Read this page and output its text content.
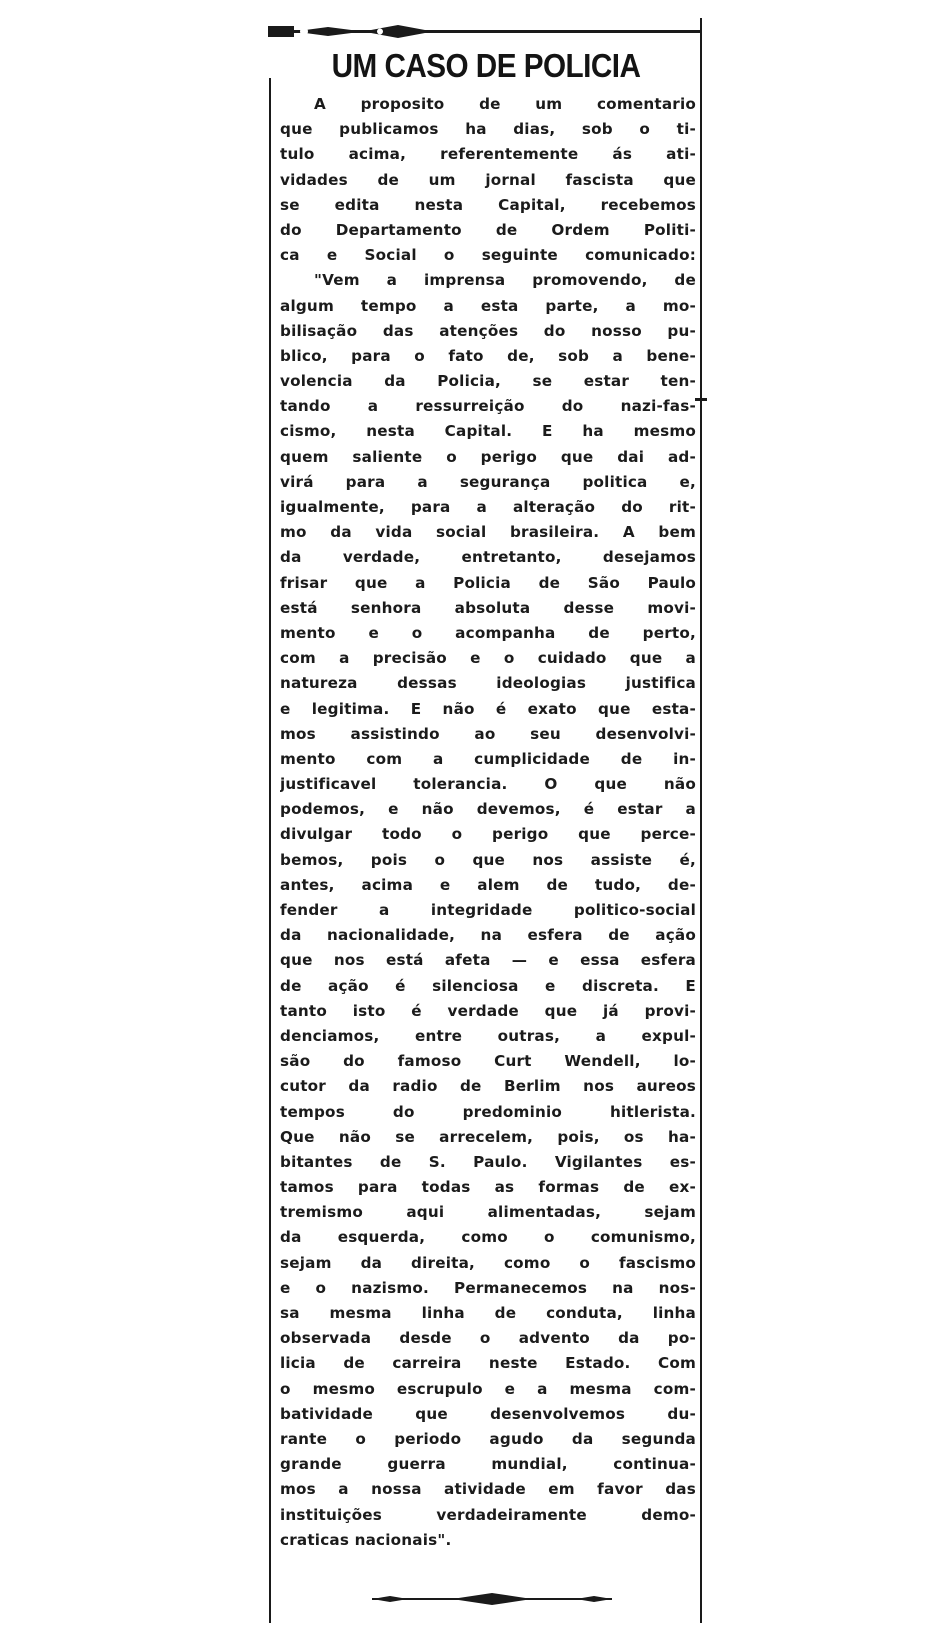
UM CASO DE POLICIA
A proposito de um comentario
que publicamos ha dias, sob o ti-
tulo acima, referentemente ás ati-
vidades de um jornal fascista que
se edita nesta Capital, recebemos
do Departamento de Ordem Politi-
ca e Social o seguinte comunicado:
"Vem a imprensa promovendo, de
algum tempo a esta parte, a mo-
bilisação das atenções do nosso pu-
blico, para o fato de, sob a bene-
volencia da Policia, se estar ten-
tando a ressurreição do nazi-fas-
cismo, nesta Capital. E ha mesmo
quem saliente o perigo que dai ad-
virá para a segurança politica e,
igualmente, para a alteração do rit-
mo da vida social brasileira. A bem
da verdade, entretanto, desejamos
frisar que a Policia de São Paulo
está senhora absoluta desse movi-
mento e o acompanha de perto,
com a precisão e o cuidado que a
natureza dessas ideologias justifica
e legitima. E não é exato que esta-
mos assistindo ao seu desenvolvi-
mento com a cumplicidade de in-
justificavel tolerancia. O que não
podemos, e não devemos, é estar a
divulgar todo o perigo que perce-
bemos, pois o que nos assiste é,
antes, acima e alem de tudo, de-
fender a integridade politico-social
da nacionalidade, na esfera de ação
que nos está afeta — e essa esfera
de ação é silenciosa e discreta. E
tanto isto é verdade que já provi-
denciamos, entre outras, a expul-
são do famoso Curt Wendell, lo-
cutor da radio de Berlim nos aureos
tempos do predominio hitlerista.
Que não se arrecelem, pois, os ha-
bitantes de S. Paulo. Vigilantes es-
tamos para todas as formas de ex-
tremismo aqui alimentadas, sejam
da esquerda, como o comunismo,
sejam da direita, como o fascismo
e o nazismo. Permanecemos na nos-
sa mesma linha de conduta, linha
observada desde o advento da po-
licia de carreira neste Estado. Com
o mesmo escrupulo e a mesma com-
batividade que desenvolvemos du-
rante o periodo agudo da segunda
grande guerra mundial, continua-
mos a nossa atividade em favor das
instituições verdadeiramente demo-
craticas nacionais".
